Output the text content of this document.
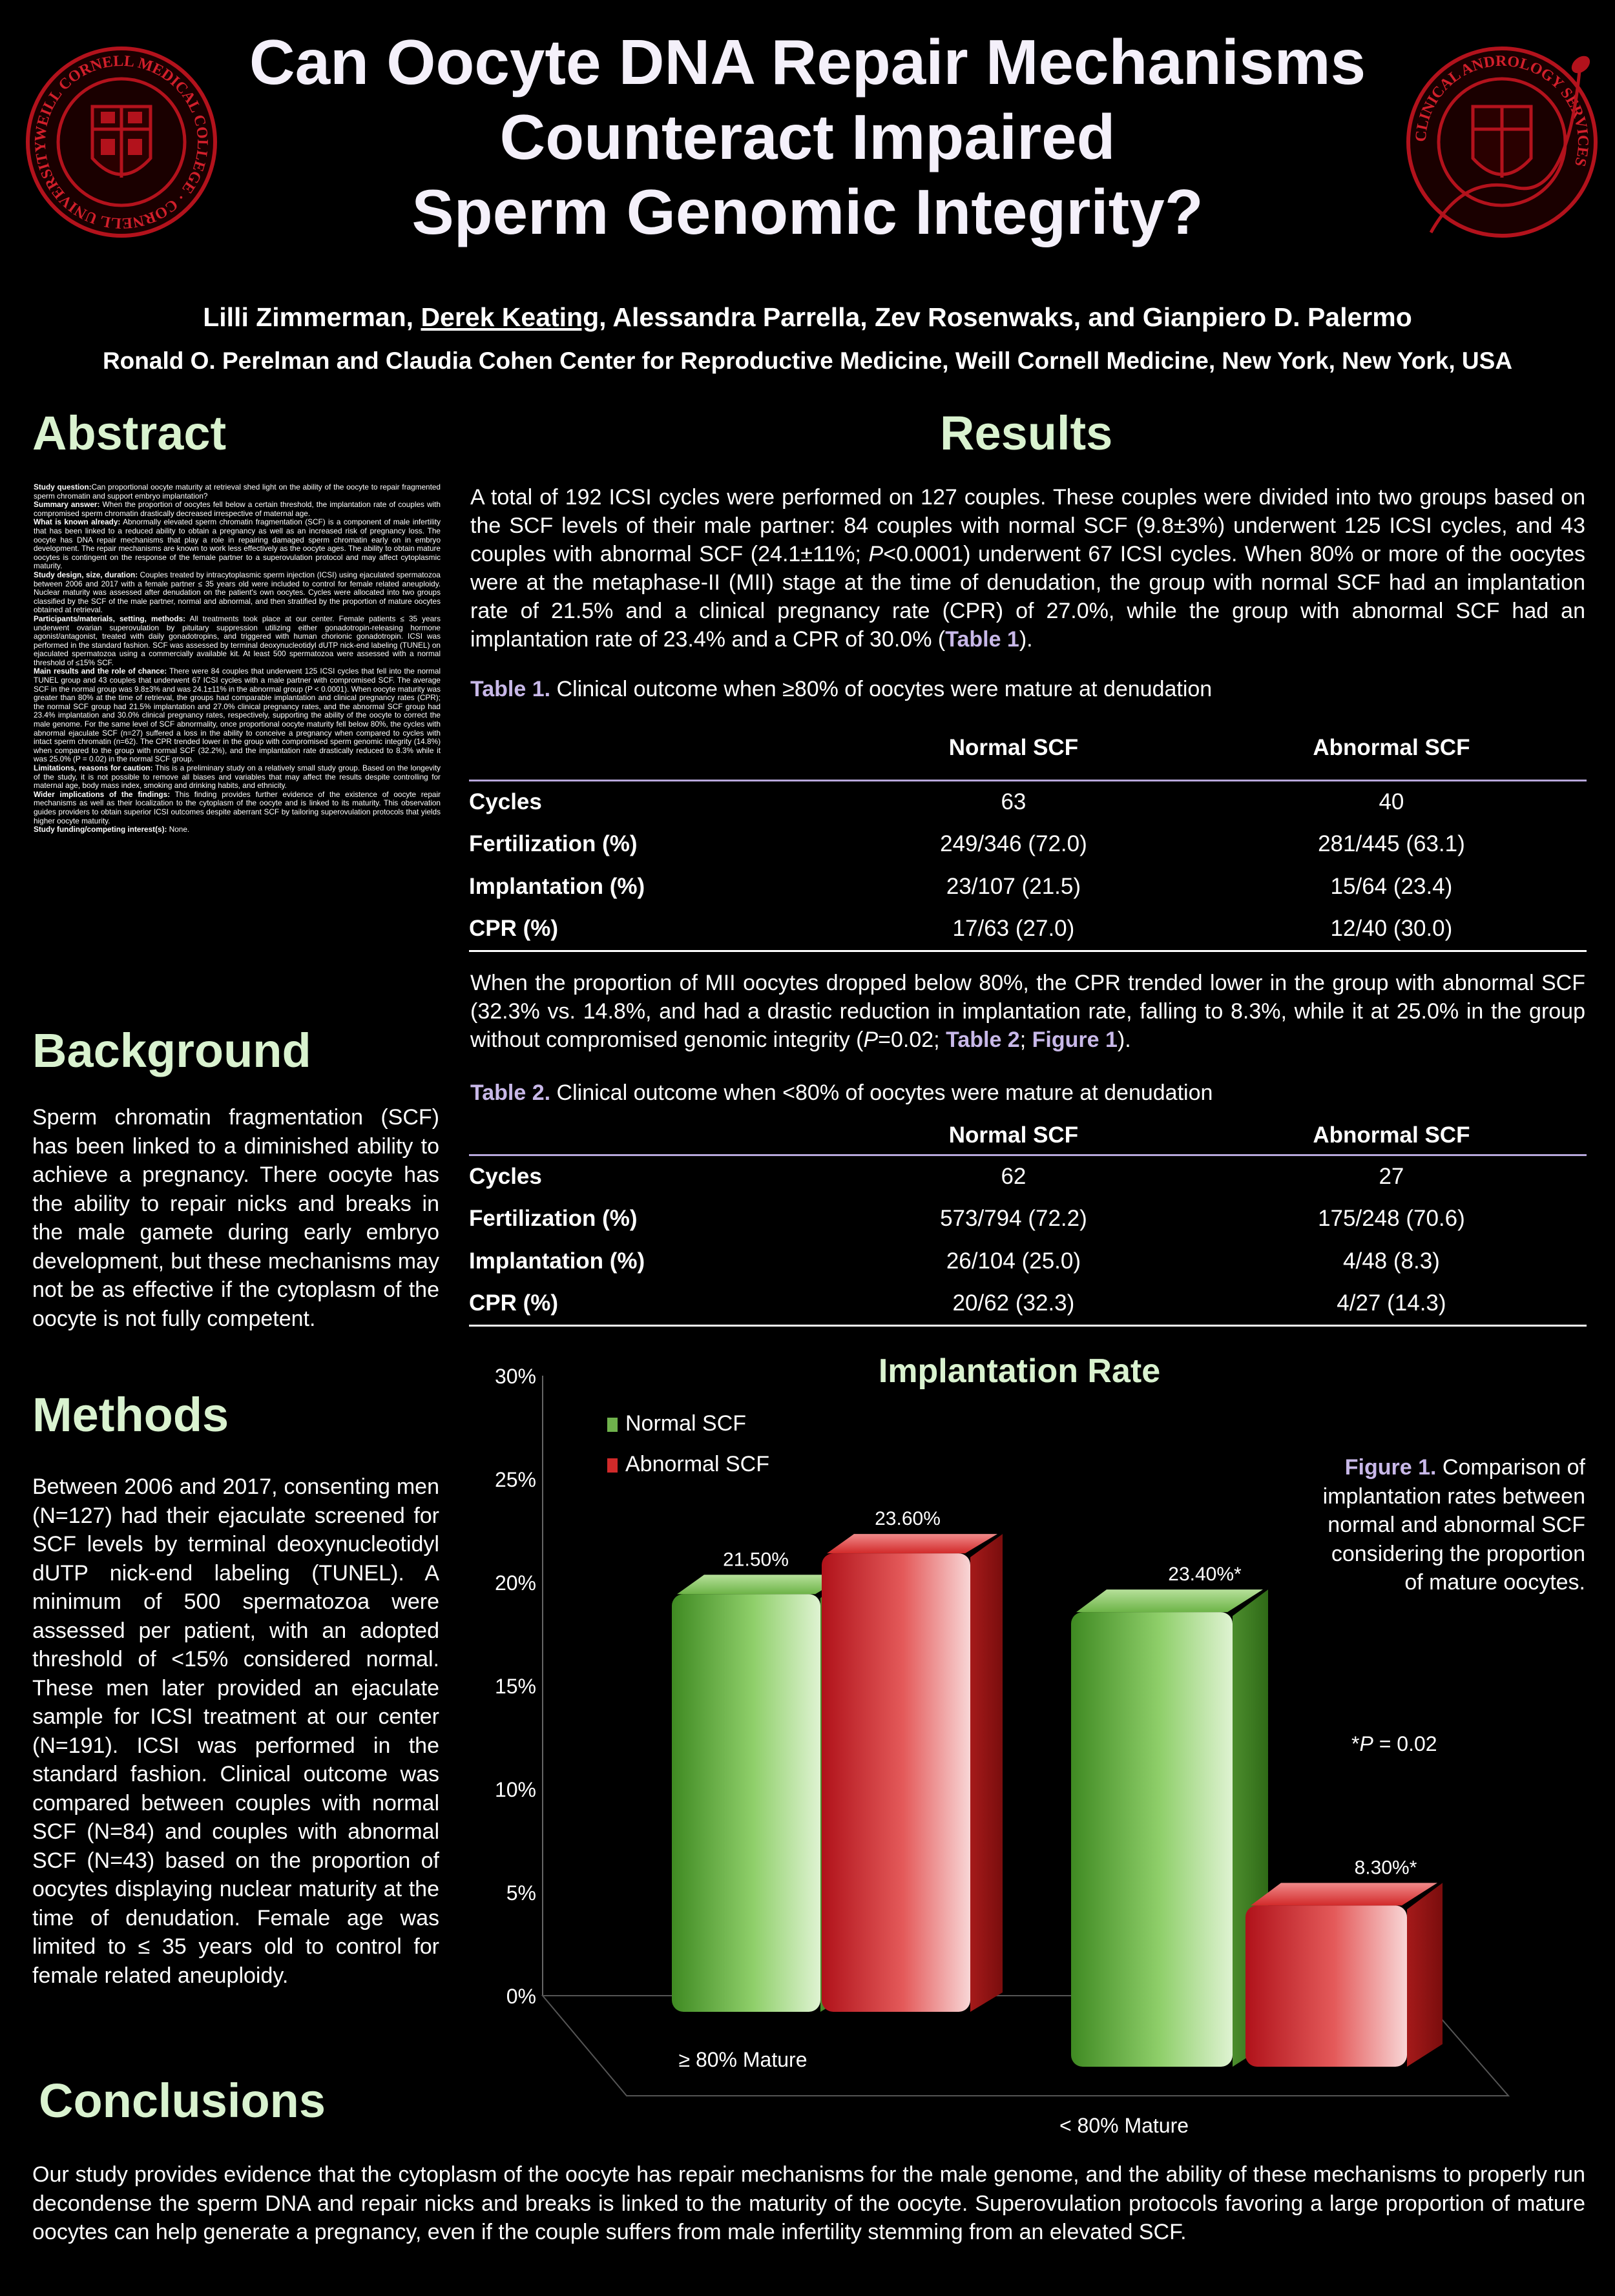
WEILL CORNELL MEDICAL COLLEGE · CORNELL UNIVERSITY
CLINICAL ANDROLOGY SERVICES
Can Oocyte DNA Repair Mechanisms
Counteract Impaired
Sperm Genomic Integrity?
Lilli Zimmerman, Derek Keating, Alessandra Parrella, Zev Rosenwaks, and Gianpiero D. Palermo
Ronald O. Perelman and Claudia Cohen Center for Reproductive Medicine, Weill Cornell Medicine, New York, New York, USA
Abstract

Study question:Can proportional oocyte maturity at retrieval shed light on the ability of the oocyte to repair fragmented sperm chromatin and support embryo implantation?

Summary answer: When the proportion of oocytes fell below a certain threshold, the implantation rate of couples with compromised sperm chromatin drastically decreased irrespective of maternal age.

What is known already: Abnormally elevated sperm chromatin fragmentation (SCF) is a component of male infertility that has been linked to a reduced ability to obtain a pregnancy as well as an increased risk of pregnancy loss. The oocyte has DNA repair mechanisms that play a role in repairing damaged sperm chromatin early on in embryo development. The repair mechanisms are known to work less effectively as the oocyte ages. The ability to obtain mature oocytes is contingent on the response of the female partner to a superovulation protocol and may affect cytoplasmic maturity.

Study design, size, duration: Couples treated by intracytoplasmic sperm injection (ICSI) using ejaculated spermatozoa between 2006 and 2017 with a female partner ≤ 35 years old were included to control for female related aneuploidy. Nuclear maturity was assessed after denudation on the patient's own oocytes. Cycles were allocated into two groups classified by the SCF of the male partner, normal and abnormal, and then stratified by the proportion of mature oocytes obtained at retrieval.

Participants/materials, setting, methods: All treatments took place at our center. Female patients ≤ 35 years underwent ovarian superovulation by pituitary suppression utilizing either gonadotropin-releasing hormone agonist/antagonist, treated with daily gonadotropins, and triggered with human chorionic gonadotropin. ICSI was performed in the standard fashion. SCF was assessed by terminal deoxynucleotidyl dUTP nick-end labeling (TUNEL) on ejaculated spermatozoa using a commercially available kit. At least 500 spermatozoa were assessed with a normal threshold of ≤15% SCF.

Main results and the role of chance: There were 84 couples that underwent 125 ICSI cycles that fell into the normal TUNEL group and 43 couples that underwent 67 ICSI cycles with a male partner with compromised SCF. The average SCF in the normal group was 9.8±3% and was 24.1±11% in the abnormal group (P < 0.0001). When oocyte maturity was greater than 80% at the time of retrieval, the groups had comparable implantation and clinical pregnancy rates (CPR); the normal SCF group had 21.5% implantation and 27.0% clinical pregnancy rates, and the abnormal SCF group had 23.4% implantation and 30.0% clinical pregnancy rates, respectively, supporting the ability of the oocyte to correct the male genome. For the same level of SCF abnormality, once proportional oocyte maturity fell below 80%, the cycles with abnormal ejaculate SCF (n=27) suffered a loss in the ability to conceive a pregnancy when compared to cycles with intact sperm chromatin (n=62). The CPR trended lower in the group with compromised sperm genomic integrity (14.8%) when compared to the group with normal SCF (32.2%), and the implantation rate drastically reduced to 8.3% while it was 25.0% (P = 0.02) in the normal SCF group.

Limitations, reasons for caution: This is a preliminary study on a relatively small study group. Based on the longevity of the study, it is not possible to remove all biases and variables that may affect the results despite controlling for maternal age, body mass index, smoking and drinking habits, and ethnicity.

Wider implications of the findings: This finding provides further evidence of the existence of oocyte repair mechanisms as well as their localization to the cytoplasm of the oocyte and is linked to its maturity. This observation guides providers to obtain superior ICSI outcomes despite aberrant SCF by tailoring superovulation protocols that yields higher oocyte maturity.

Study funding/competing interest(s): None.

Background
Sperm chromatin fragmentation (SCF) has been linked to a diminished ability to achieve a pregnancy. There oocyte has the ability to repair nicks and breaks in the male gamete during early embryo development, but these mechanisms may not be as effective if the cytoplasm of the oocyte is not fully competent.
Methods
Between 2006 and 2017, consenting men (N=127) had their ejaculate screened for SCF levels by terminal deoxynucleotidyl dUTP nick-end labeling (TUNEL). A minimum of 500 spermatozoa were assessed per patient, with an adopted threshold of <15% considered normal. These men later provided an ejaculate sample for ICSI treatment at our center (N=191). ICSI was performed in the standard fashion. Clinical outcome was compared between couples with normal SCF (N=84) and couples with abnormal SCF (N=43) based on the proportion of oocytes displaying nuclear maturity at the time of denudation. Female age was limited to ≤ 35 years old to control for female related aneuploidy.
Conclusions
Our study provides evidence that the cytoplasm of the oocyte has repair mechanisms for the male genome, and the ability of these mechanisms to properly run decondense the sperm DNA and repair nicks and breaks is linked to the maturity of the oocyte. Superovulation protocols favoring a large proportion of mature oocytes can help generate a pregnancy, even if the couple suffers from male infertility stemming from an elevated SCF.
Results
A total of 192 ICSI cycles were performed on 127 couples. These couples were divided into two groups based on the SCF levels of their male partner: 84 couples with normal SCF (9.8±3%) underwent 125 ICSI cycles, and 43 couples with abnormal SCF (24.1±11%; P<0.0001) underwent 67 ICSI cycles. When 80% or more of the oocytes were at the metaphase-II (MII) stage at the time of denudation, the group with normal SCF had an implantation rate of 21.5% and a clinical pregnancy rate (CPR) of 27.0%, while the group with abnormal SCF had an implantation rate of 23.4% and a CPR of 30.0% (Table 1).
Table 1. Clinical outcome when ≥80% of oocytes were mature at denudation
	Normal SCF	Abnormal SCF
Cycles	63	40
Fertilization (%)	249/346 (72.0)	281/445 (63.1)
Implantation (%)	23/107 (21.5)	15/64 (23.4)
CPR (%)	17/63 (27.0)	12/40 (30.0)
When the proportion of MII oocytes dropped below 80%, the CPR trended lower in the group with abnormal SCF (32.3% vs. 14.8%, and had a drastic reduction in implantation rate, falling to 8.3%, while it at 25.0% in the group without compromised genomic integrity (P=0.02; Table 2; Figure 1).
Table 2. Clinical outcome when <80% of oocytes were mature at denudation
	Normal SCF	Abnormal SCF
Cycles	62	27
Fertilization (%)	573/794 (72.2)	175/248 (70.6)
Implantation (%)	26/104 (25.0)	4/48 (8.3)
CPR (%)	20/62 (32.3)	4/27 (14.3)
0%
5%
10%
15%
20%
25%
30%
21.50%
23.60%
23.40%*
8.30%*
≥ 80% Mature
< 80% Mature
Implantation Rate
Normal SCF
Abnormal SCF	Figure 1. Comparison of implantation rates between normal and abnormal SCF considering the proportion of mature oocytes.
*P = 0.02
